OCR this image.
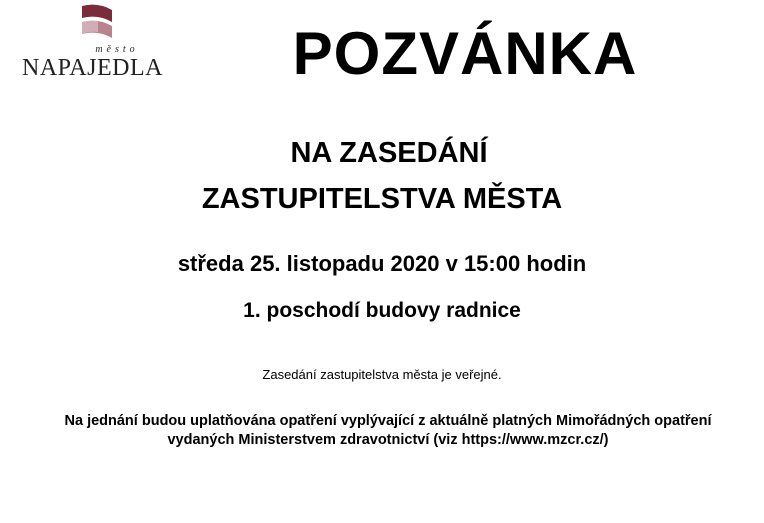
město
NAPAJEDLA	POZVÁNKA
NA ZASEDÁNÍ
ZASTUPITELSTVA MĚSTA
středa 25. listopadu 2020 v 15:00 hodin
1. poschodí budovy radnice
Zasedání zastupitelstva města je veřejné.
Na jednání budou uplatňována opatření vyplývající z aktuálně platných Mimořádných opatření vydaných Ministerstvem zdravotnictví (viz https://www.mzcr.cz/)
